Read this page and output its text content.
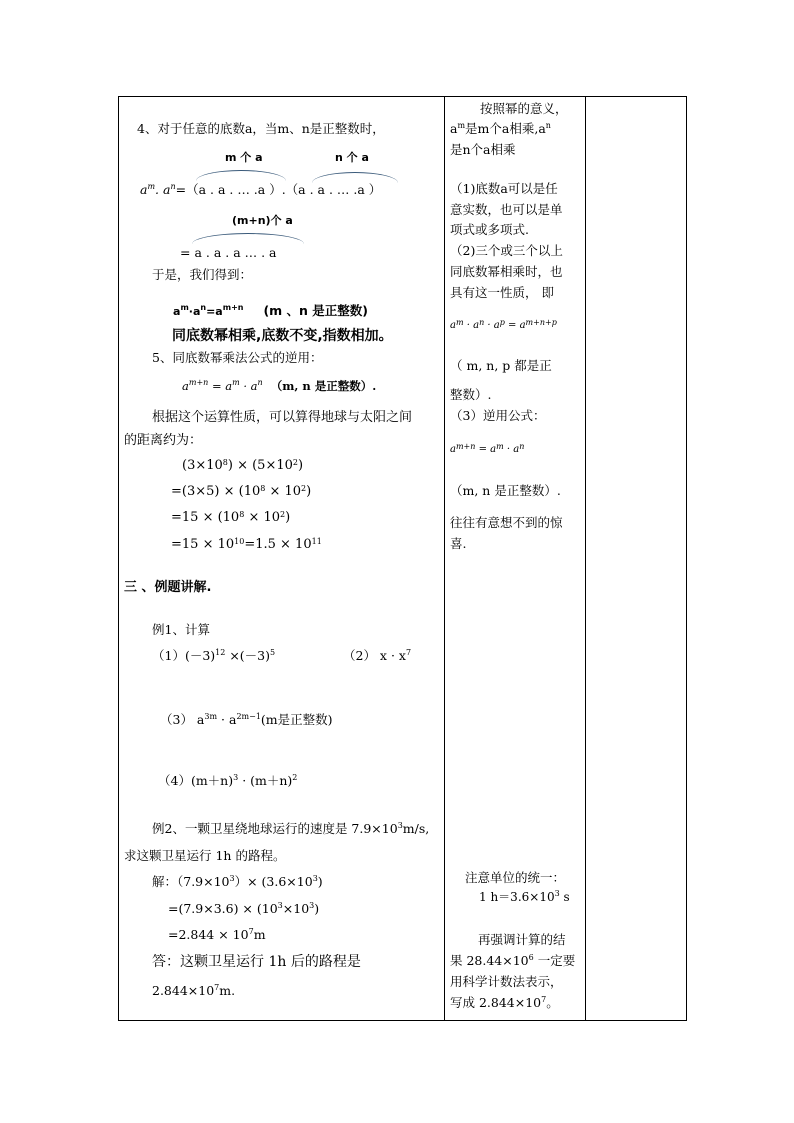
4、对于任意的底数a，当m、n是正整数时，
m 个 a	n 个 a
$a^m$. $a^n=(a$ . a . … .a ）.（a . a . … .a ）
(m+n)个 a
= a . a . a … . a
于是，我们得到：
$a^m\cdot a^n=a^{m+n}$ (m 、n 是正整数)
同底数幂相乘,底数不变,指数相加。
5、同底数幂乘法公式的逆用：
$a^{m+n} = a^m \cdot a^n$ （m, n 是正整数）.
根据这个运算性质，可以算得地球与太阳之间
的距离约为：
$(3\times 10^8) \times (5\times 10^2)$
$=(3\times 5) \times (10^8 \times 10^2)$
$=15 \times (10^8 \times 10^2)$
$=15 \times 10^{10}=1.5 \times 10^{11}$
三 、例题讲解.
例1、计算
$(1)(-3)^{12} \times(-3)^5$	（2） $x \cdot x^7$
（3） $a^{3m} \cdot a^{2m-1}(m$是正整数)
$(4)(m+n)^3 \cdot (m+n)^2$
例2、一颗卫星绕地球运行的速度是 $7.9\times 10^3m/s$,
求这颗卫星运行 1h 的路程。
解：$(7.9\times 10^3)\times (3.6\times 10^3)$
$=(7.9\times 3.6) \times (10^3\times 10^3)$
$=2.844 \times 10^7m$
答：这颗卫星运行 1h 后的路程是
$2.844\times 10^7m$.
按照幂的意义，
$a^m$是m个a相乘$,a^n$
是n个a相乘
（1)底数a可以是任
意实数，也可以是单
项式或多项式.
（2)三个或三个以上
同底数幂相乘时，也
具有这一性质， 即
$a^m \cdot a^n \cdot a^p = a^{m+n+p}$
（ m, n, p 都是正
整数）.
（3）逆用公式：
$a^{m+n} = a^m \cdot a^n$
（m, n 是正整数）.
往往有意想不到的惊
喜.
注意单位的统一：
1 $h=3.6\times 10^3$ s
再强调计算的结
果 $28.44\times 10^6$ 一定要
用科学计数法表示，
写成 $2.844\times 10^7$。
